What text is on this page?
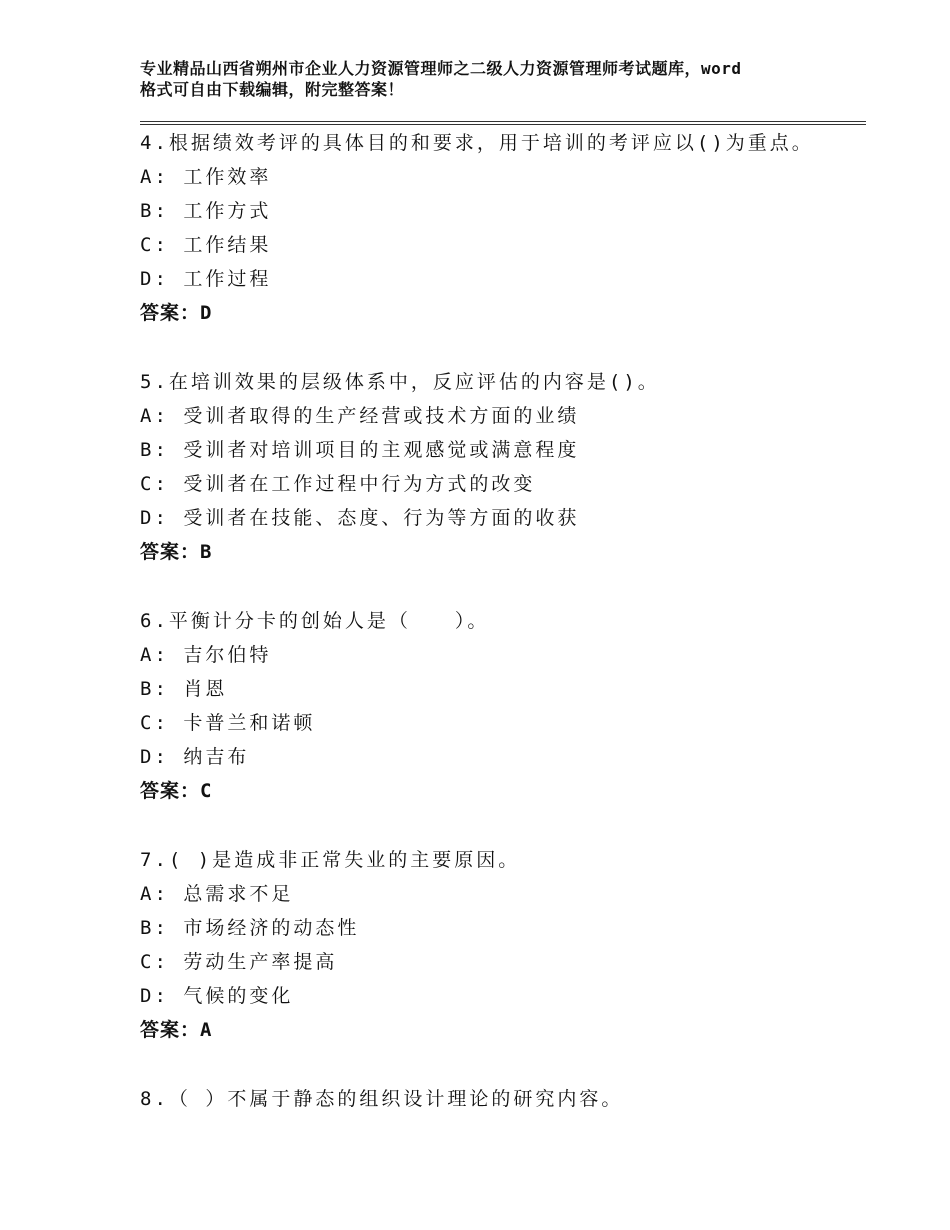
专业精品山西省朔州市企业人力资源管理师之二级人力资源管理师考试题库，word
格式可自由下载编辑，附完整答案！
4.根据绩效考评的具体目的和要求，用于培训的考评应以()为重点。
A: 工作效率
B: 工作方式
C: 工作结果
D: 工作过程
答案：D
5.在培训效果的层级体系中，反应评估的内容是()。
A: 受训者取得的生产经营或技术方面的业绩
B: 受训者对培训项目的主观感觉或满意程度
C: 受训者在工作过程中行为方式的改变
D: 受训者在技能、态度、行为等方面的收获
答案：B
6.平衡计分卡的创始人是（　　）。
A: 吉尔伯特
B: 肖恩
C: 卡普兰和诺顿
D: 纳吉布
答案：C
7.( )是造成非正常失业的主要原因。
A: 总需求不足
B: 市场经济的动态性
C: 劳动生产率提高
D: 气候的变化
答案：A
8.（ ）不属于静态的组织设计理论的研究内容。
